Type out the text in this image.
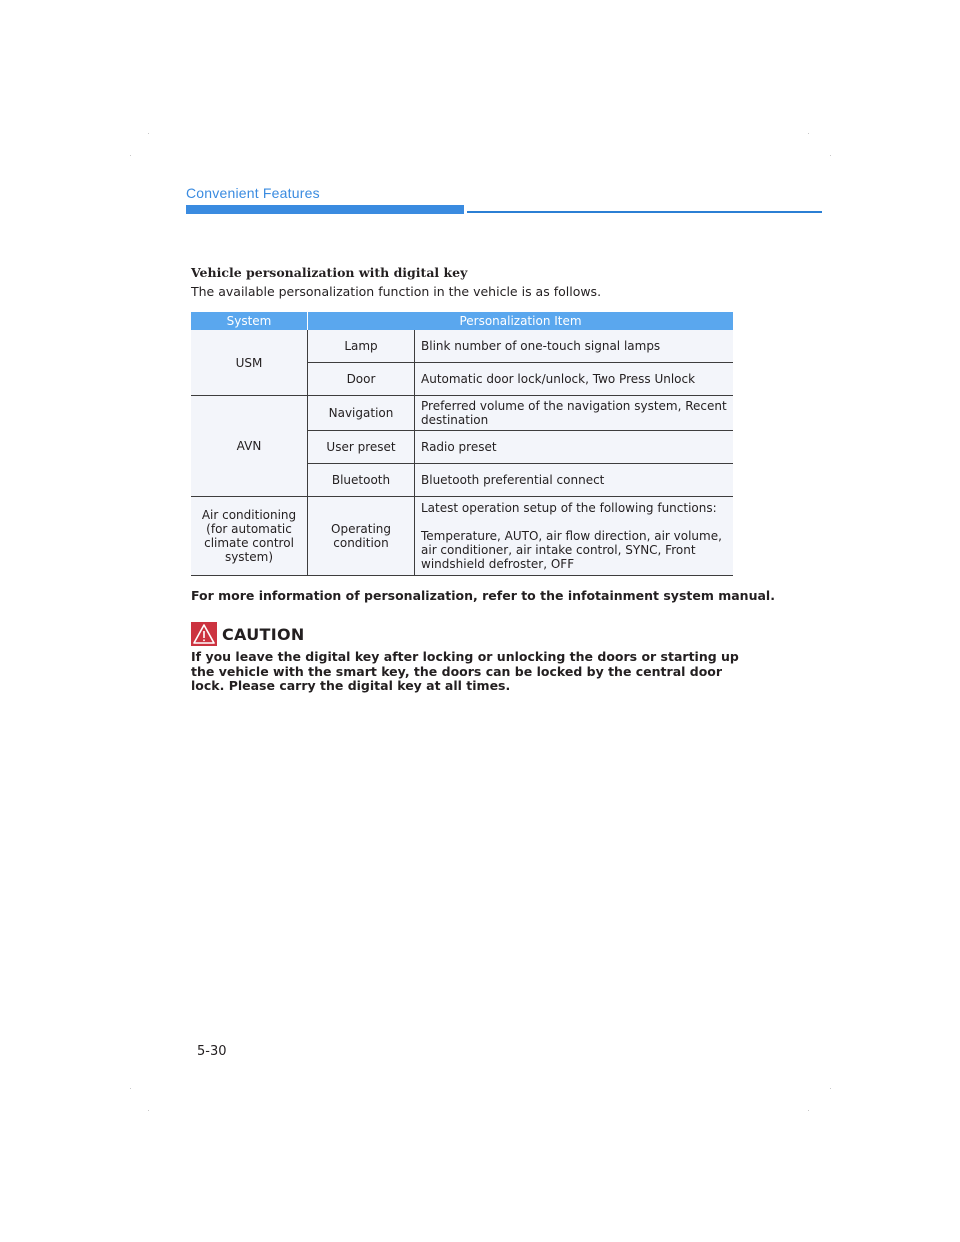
Convenient Features
Vehicle personalization with digital key
The available personalization function in the vehicle is as follows.
System	Personalization Item	
USM	Lamp	Blink number of one-touch signal lamps
	Door	Automatic door lock/unlock, Two Press Unlock
AVN	Navigation	Preferred volume of the navigation system, Recent destination
	User preset	Radio preset
	Bluetooth	Bluetooth preferential connect
Air conditioning (for automatic climate control system)	Operating condition	Latest operation setup of the following functions:
Temperature, AUTO, air flow direction, air volume, air conditioner, air intake control, SYNC, Front windshield defroster, OFF
For more information of personalization, refer to the infotainment system manual.
CAUTION
If you leave the digital key after locking or unlocking the doors or starting up the vehicle with the smart key, the doors can be locked by the central door lock. Please carry the digital key at all times.
5-30
